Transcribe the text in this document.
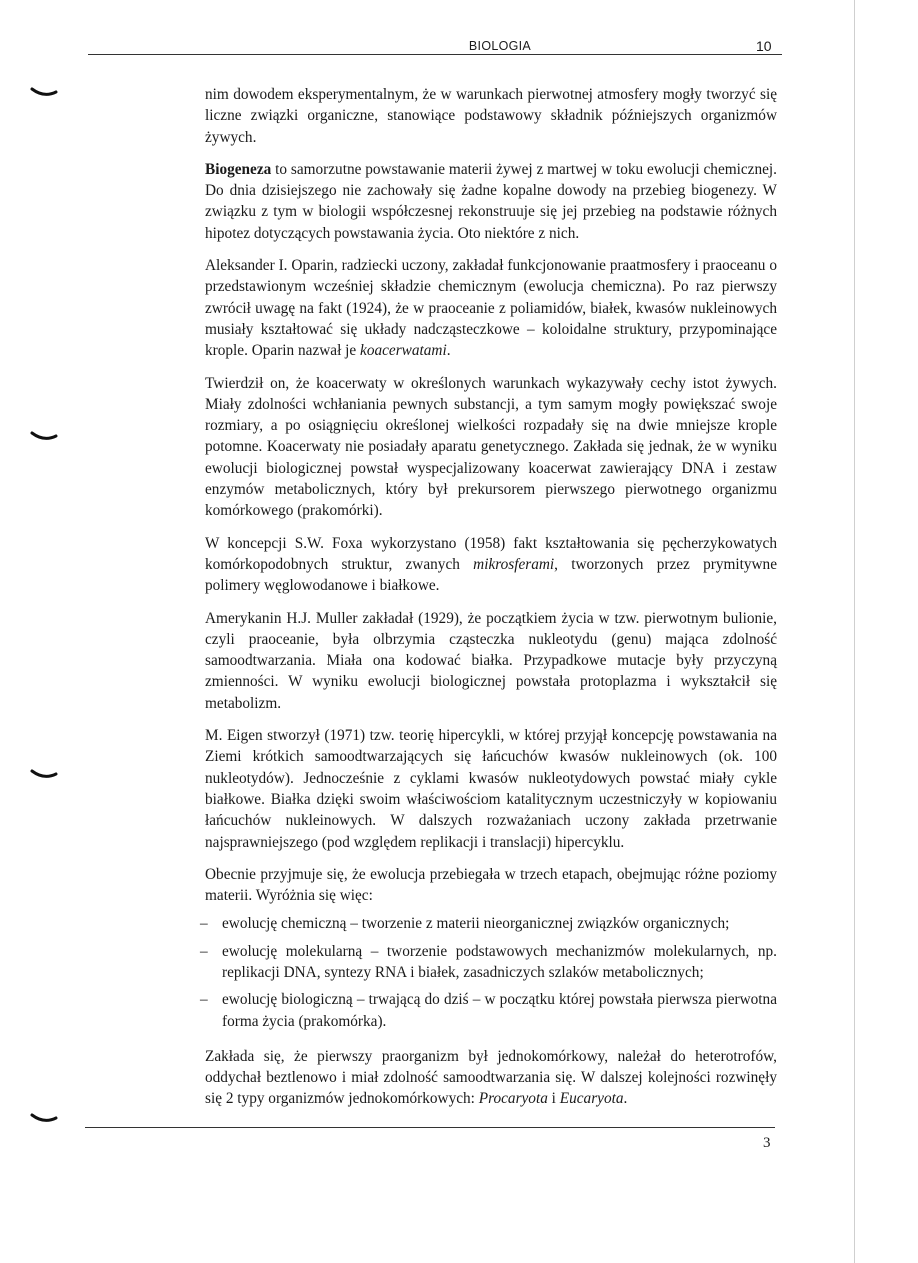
BIOLOGIA	10

nim dowodem eksperymentalnym, że w warunkach pierwotnej atmosfery mogły tworzyć się liczne związki organiczne, stanowiące podstawowy składnik późniejszych organizmów żywych.

Biogeneza to samorzutne powstawanie materii żywej z martwej w toku ewolucji chemicznej. Do dnia dzisiejszego nie zachowały się żadne kopalne dowody na przebieg biogenezy. W związku z tym w biologii współczesnej rekonstruuje się jej przebieg na podstawie różnych hipotez dotyczących powstawania życia. Oto niektóre z nich.

Aleksander I. Oparin, radziecki uczony, zakładał funkcjonowanie praatmosfery i praoceanu o przedstawionym wcześniej składzie chemicznym (ewolucja chemiczna). Po raz pierwszy zwrócił uwagę na fakt (1924), że w praoceanie z poliamidów, białek, kwasów nukleinowych musiały kształtować się układy nadcząsteczkowe – koloidalne struktury, przypominające krople. Oparin nazwał je koacerwatami.

Twierdził on, że koacerwaty w określonych warunkach wykazywały cechy istot żywych. Miały zdolności wchłaniania pewnych substancji, a tym samym mogły powiększać swoje rozmiary, a po osiągnięciu określonej wielkości rozpadały się na dwie mniejsze krople potomne. Koacerwaty nie posiadały aparatu genetycznego. Zakłada się jednak, że w wyniku ewolucji biologicznej powstał wyspecjalizowany koacerwat zawierający DNA i zestaw enzymów metabolicznych, który był prekursorem pierwszego pierwotnego organizmu komórkowego (prakomórki).

W koncepcji S.W. Foxa wykorzystano (1958) fakt kształtowania się pęcherzykowatych komórkopodobnych struktur, zwanych mikrosferami, tworzonych przez prymitywne polimery węglowodanowe i białkowe.

Amerykanin H.J. Muller zakładał (1929), że początkiem życia w tzw. pierwotnym bulionie, czyli praoceanie, była olbrzymia cząsteczka nukleotydu (genu) mająca zdolność samoodtwarzania. Miała ona kodować białka. Przypadkowe mutacje były przyczyną zmienności. W wyniku ewolucji biologicznej powstała protoplazma i wykształcił się metabolizm.

M. Eigen stworzył (1971) tzw. teorię hipercykli, w której przyjął koncepcję powstawania na Ziemi krótkich samoodtwarzających się łańcuchów kwasów nukleinowych (ok. 100 nukleotydów). Jednocześnie z cyklami kwasów nukleotydowych powstać miały cykle białkowe. Białka dzięki swoim właściwościom katalitycznym uczestniczyły w kopiowaniu łańcuchów nukleinowych. W dalszych rozważaniach uczony zakłada przetrwanie najsprawniejszego (pod względem replikacji i translacji) hipercyklu.

Obecnie przyjmuje się, że ewolucja przebiegała w trzech etapach, obejmując różne poziomy materii. Wyróżnia się więc:

– ewolucję chemiczną – tworzenie z materii nieorganicznej związków organicznych;
– ewolucję molekularną – tworzenie podstawowych mechanizmów molekularnych, np. replikacji DNA, syntezy RNA i białek, zasadniczych szlaków metabolicznych;
– ewolucję biologiczną – trwającą do dziś – w początku której powstała pierwsza pierwotna forma życia (prakomórka).

Zakłada się, że pierwszy praorganizm był jednokomórkowy, należał do heterotrofów, oddychał beztlenowo i miał zdolność samoodtwarzania się. W dalszej kolejności rozwinęły się 2 typy organizmów jednokomórkowych: Procaryota i Eucaryota.

3
